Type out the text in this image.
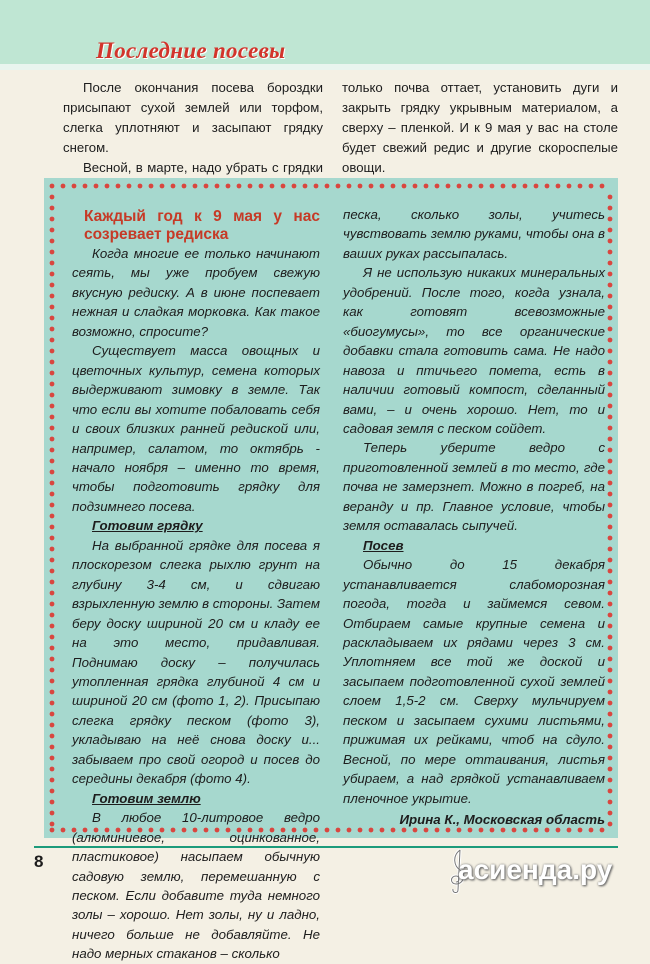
Последние посевы

После окончания посева бороздки присыпают сухой землей или торфом, слегка уплотняют и засыпают грядку снегом.

Весной, в марте, надо убрать с грядки

только почва оттает, установить дуги и закрыть грядку укрывным материалом, а сверху – пленкой. И к 9 мая у вас на столе будет свежий редис и другие скороспелые овощи.

Каждый год к 9 мая у нас созревает редиска

Когда многие ее только начинают сеять, мы уже пробуем свежую вкусную редиску. А в июне поспевает нежная и сладкая морковка. Как такое возможно, спросите?

Существует масса овощных и цветочных культур, семена которых выдерживают зимовку в земле. Так что если вы хотите побаловать себя и своих близких ранней редиской или, например, салатом, то октябрь - начало ноября – именно то время, чтобы подготовить грядку для подзимнего посева.

Готовим грядку

На выбранной грядке для посева я плоскорезом слегка рыхлю грунт на глубину 3-4 см, и сдвигаю взрыхленную землю в стороны. Затем беру доску шириной 20 см и кладу ее на это место, придавливая. Поднимаю доску – получилась утопленная грядка глубиной 4 см и шириной 20 см (фото 1, 2). Присыпаю слегка грядку песком (фото 3), укладываю на неё снова доску и... забываем про свой огород и посев до середины декабря (фото 4).

Готовим землю

В любое 10-литровое ведро (алюминиевое, оцинкованное, пластиковое) насыпаем обычную садовую землю, перемешанную с песком. Если добавите туда немного золы – хорошо. Нет золы, ну и ладно, ничего больше не добавляйте. Не надо мерных стаканов – сколько

песка, сколько золы, учитесь чувствовать землю руками, чтобы она в ваших руках рассыпалась.

Я не использую никаких минеральных удобрений. После того, когда узнала, как готовят всевозможные «биогумусы», то все органические добавки стала готовить сама. Не надо навоза и птичьего помета, есть в наличии готовый компост, сделанный вами, – и очень хорошо. Нет, то и садовая земля с песком сойдет.

Теперь уберите ведро с приготовленной землей в то место, где почва не замерзнет. Можно в погреб, на веранду и пр. Главное условие, чтобы земля оставалась сыпучей.

Посев

Обычно до 15 декабря устанавливается слабоморозная погода, тогда и займемся севом. Отбираем самые крупные семена и раскладываем их рядами через 3 см. Уплотняем все той же доской и засыпаем подготовленной сухой землей слоем 1,5-2 см. Сверху мульчируем песком и засыпаем сухими листьями, прижимая их рейками, чтоб на сдуло. Весной, по мере оттаивания, листья убираем, а над грядкой устанавливаем пленочное укрытие.

Ирина К., Московская область

8	асиенда.ру
